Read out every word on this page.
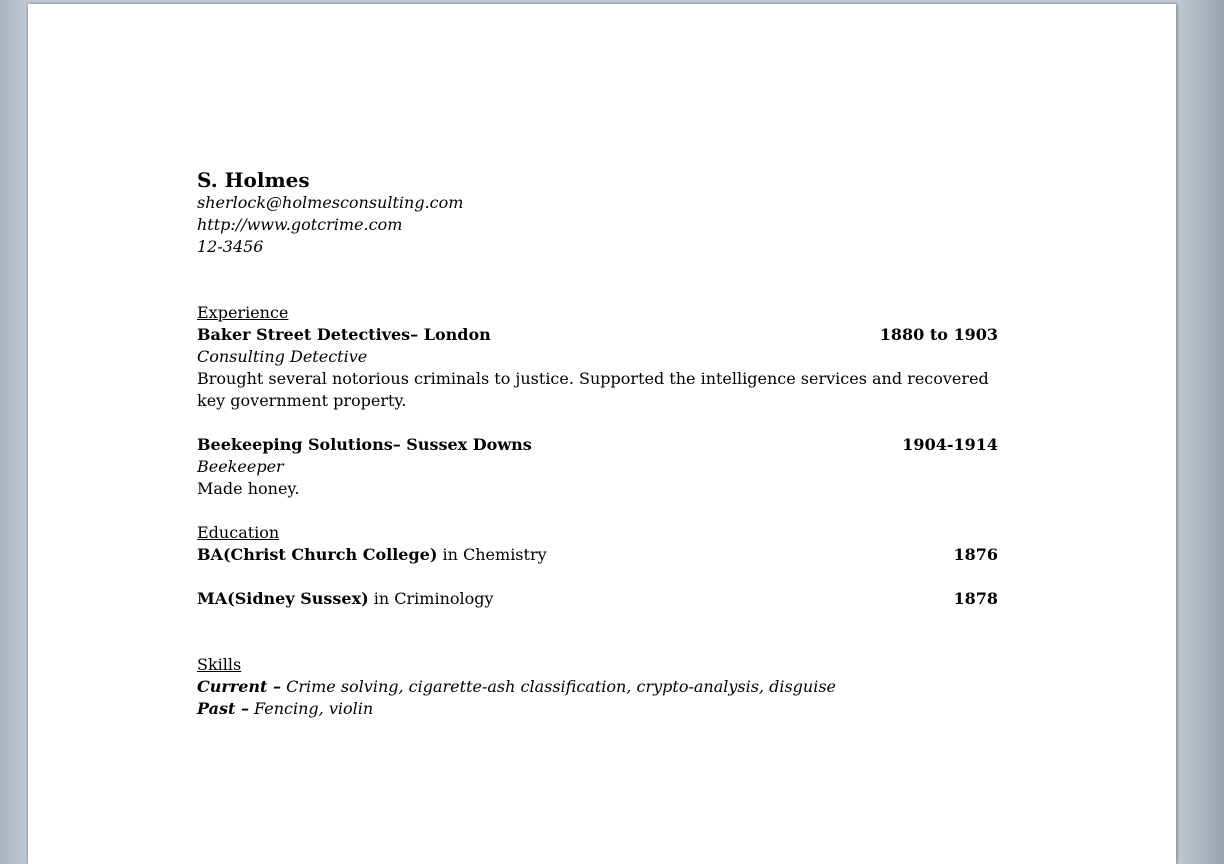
S. Holmes
sherlock@holmesconsulting.com
http://www.gotcrime.com
12-3456
Experience
Baker Street Detectives– London	1880 to 1903
Consulting Detective
Brought several notorious criminals to justice. Supported the intelligence services and recovered key government property.
Beekeeping Solutions– Sussex Downs	1904-1914
Beekeeper
Made honey.
Education
BA(Christ Church College) in Chemistry	1876
MA(Sidney Sussex) in Criminology	1878
Skills
Current – Crime solving, cigarette-ash classification, crypto-analysis, disguise
Past – Fencing, violin
